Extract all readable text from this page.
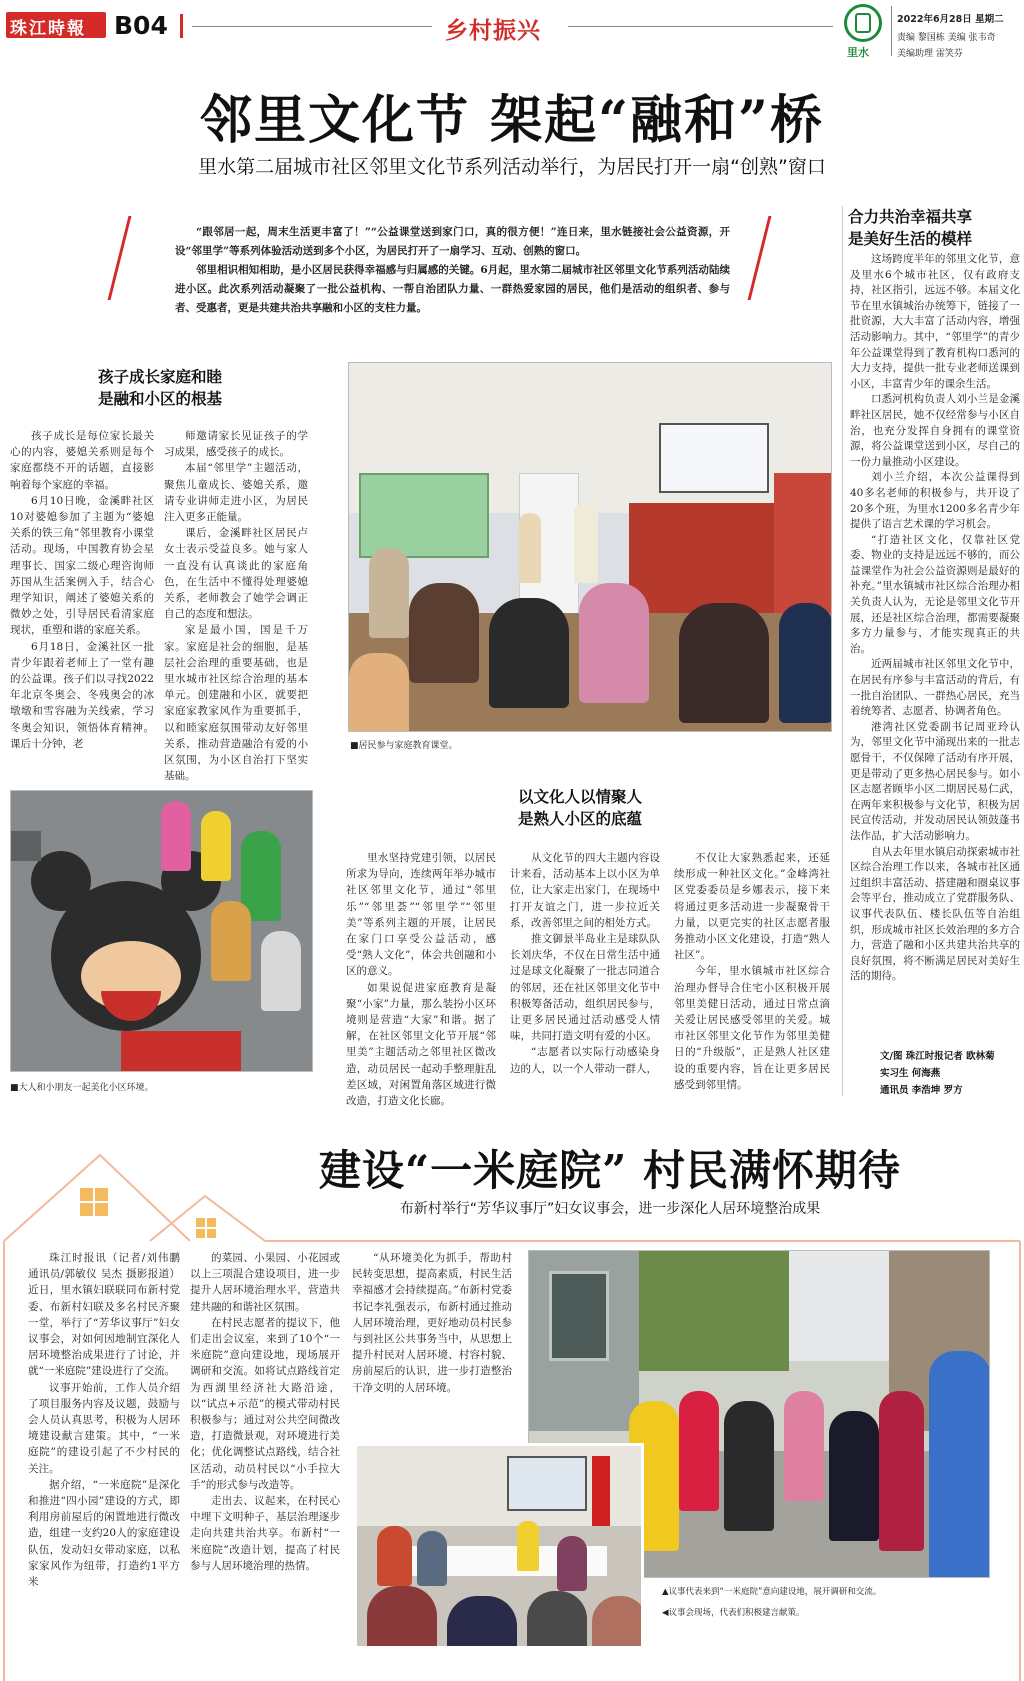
珠江時報 B04	乡村振兴
里水
2022年6月28日 星期二
责编 黎国栋 美编 张韦奇
美编助理 雷笑芬
邻里文化节 架起“融和”桥
里水第二届城市社区邻里文化节系列活动举行，为居民打开一扇“创熟”窗口

“跟邻居一起，周末生活更丰富了！”“公益课堂送到家门口，真的很方便！”连日来，里水链接社会公益资源，开设“邻里学”等系列体验活动送到多个小区，为居民打开了一扇学习、互动、创熟的窗口。

邻里相识相知相助，是小区居民获得幸福感与归属感的关键。6月起，里水第二届城市社区邻里文化节系列活动陆续进小区。此次系列活动凝聚了一批公益机构、一帮自治团队力量、一群热爱家园的居民，他们是活动的组织者、参与者、受惠者，更是共建共治共享融和小区的支柱力量。

孩子成长家庭和睦
是融和小区的根基

孩子成长是每位家长最关心的内容，婆媳关系则是每个家庭都绕不开的话题，直接影响着每个家庭的幸福。

6月10日晚，金溪畔社区10对婆媳参加了主题为“婆媳关系的铁三角”邻里教育小课堂活动。现场，中国教育协会星理事长、国家二级心理咨询师苏国从生活案例入手，结合心理学知识，阐述了婆媳关系的微妙之处，引导居民看清家庭现状，重塑和谐的家庭关系。

6月18日，金溪社区一批青少年跟着老师上了一堂有趣的公益课。孩子们以寻找2022年北京冬奥会、冬残奥会的冰墩墩和雪容融为关线索，学习冬奥会知识，领悟体育精神。课后十分钟，老

师邀请家长见证孩子的学习成果，感受孩子的成长。

本届“邻里学”主题活动，聚焦儿童成长、婆媳关系，邀请专业讲师走进小区，为居民注入更多正能量。

课后，金溪畔社区居民卢女士表示受益良多。她与家人一直没有认真谈此的家庭角色，在生活中不懂得处理婆媳关系，老师教会了她学会调正自己的态度和想法。

家是最小国，国是千万家。家庭是社会的细胞，是基层社会治理的重要基础，也是里水城市社区综合治理的基本单元。创建融和小区，就要把家庭家教家风作为重要抓手，以和睦家庭氛围带动友好邻里关系，推动营造融洽有爱的小区氛围，为小区自治打下坚实基础。

■居民参与家庭教育课堂。
■大人和小朋友一起美化小区环境。
以文化人以情聚人
是熟人小区的底蕴

里水坚持党建引领，以居民所求为导向，连续两年举办城市社区邻里文化节，通过“邻里乐”“邻里荟”“邻里学”“邻里美”等系列主题的开展，让居民在家门口享受公益活动，感受“熟人文化”，体会共创融和小区的意义。

如果说促进家庭教育是凝聚“小家”力量，那么装扮小区环境则是营造“大家”和谐。据了解，在社区邻里文化节开展“邻里美”主题活动之邻里社区微改造，动员居民一起动手整理脏乱差区域，对闲置角落区域进行微改造，打造文化长廊。

从文化节的四大主题内容设计来看，活动基本上以小区为单位，让大家走出家门，在现场中打开友谊之门，进一步拉近关系，改善邻里之间的相处方式。

推文御景半岛业主是球队队长刘庆华，不仅在日常生活中通过是球文化凝聚了一批志同道合的邻居，还在社区邻里文化节中积极筹备活动，组织居民参与，让更多居民通过活动感受人情味，共同打造文明有爱的小区。

“志愿者以实际行动感染身边的人，以一个人带动一群人，

不仅让大家熟悉起来，还延续形成一种社区文化。”金峰湾社区党委委员是乡娜表示，接下来将通过更多活动进一步凝聚骨干力量，以更完实的社区志愿者服务推动小区文化建设，打造“熟人社区”。

今年，里水镇城市社区综合治理办督导合住宅小区积极开展邻里美健日活动，通过日常点滴关爱让居民感受邻里的关爱。城市社区邻里文化节作为邻里美健日的“升级版”，正是熟人社区建设的重要内容，旨在让更多居民感受到邻里情。

合力共治幸福共享
是美好生活的模样

这场跨度半年的邻里文化节，意及里水6个城市社区，仅有政府支持，社区指引，远远不够。本届文化节在里水镇城治办统筹下，链接了一批资源，大大丰富了活动内容，增强活动影响力。其中，“邻里学”的青少年公益课堂得到了教育机构口悉河的大力支持，提供一批专业老师送课到小区，丰富青少年的课余生活。

口悉河机构负责人刘小兰是金溪畔社区居民，她不仅经常参与小区自治，也充分发挥自身拥有的课堂资源，将公益课堂送到小区，尽自己的一份力量推动小区建设。

刘小兰介绍，本次公益课得到40多名老师的积极参与，共开设了20多个班，为里水1200多名青少年提供了语言艺术课的学习机会。

“打造社区文化，仅靠社区党委、物业的支持是远远不够的，而公益课堂作为社会公益资源则是最好的补充。”里水镇城市社区综合治理办相关负责人认为，无论是邻里文化节开展，还是社区综合治理，都需要凝聚多方力量参与，才能实现真正的共治。

近两届城市社区邻里文化节中，在居民有序参与丰富活动的背后，有一批自治团队、一群热心居民，充当着统筹者、志愿者、协调者角色。

港湾社区党委副书记周亚玲认为，邻里文化节中涌现出来的一批志愿骨干，不仅保障了活动有序开展，更是带动了更多热心居民参与。如小区志愿者顾毕小区二期居民易仁武，在两年来积极参与文化节，积极为居民宣传活动，并发动居民认领鼓蓬书法作品，扩大活动影响力。

自从去年里水镇启动探索城市社区综合治理工作以来，各城市社区通过组织丰富活动、搭建融和圈桌议事会等平台，推动成立了党群服务队、议事代表队伍、楼长队伍等自治组织，形成城市社区长效治理的多方合力，营造了融和小区共建共治共享的良好氛围，将不断满足居民对美好生活的期待。

文/图 珠江时报记者 欧林菊
实习生 何海燕
通讯员 李浩坤 罗方
建设“一米庭院” 村民满怀期待
布新村举行“芳华议事厅”妇女议事会，进一步深化人居环境整治成果

珠江时报讯（记者/刘伟鹏 通讯员/郭敏仪 吴杰 摄影报道）近日，里水镇妇联联同布新村党委、布新村妇联及多名村民齐聚一堂，举行了“芳华议事厅”妇女议事会，对如何因地制宜深化人居环境整治成果进行了讨论，并就“一米庭院”建设进行了交流。

议事开始前，工作人员介绍了项目服务内容及议题，鼓励与会人员认真思考，积极为人居环境建设献言建策。其中，“一米庭院”的建设引起了不少村民的关注。

据介绍，“一米庭院”是深化和推进“四小园”建设的方式，即利用房前屋后的闲置地进行微改造，组建一支约20人的家庭建设队伍，发动妇女带动家庭，以私家家风作为纽带，打造约1平方米

的菜园、小果园、小花园或以上三项混合建设项目，进一步提升人居环境治理水平，营造共建共融的和谐社区氛围。

在村民志愿者的提议下，他们走出会议室，来到了10个“一米庭院”意向建设地，现场展开调研和交流。如将试点路线首定为西湖里经济社大路沿途，以“试点+示范”的模式带动村民积极参与；通过对公共空间微改造，打造微景观，对环境进行美化；优化调整试点路线，结合社区活动，动员村民以“小手拉大手”的形式参与改造等。

走出去、议起来，在村民心中埋下文明种子，基层治理逐步走向共建共治共享。布新村“一米庭院”改造计划，提高了村民参与人居环境治理的热情。

“从环境美化为抓手，帮助村民转变思想，提高素质，村民生活幸福感才会持续提高。”布新村党委书记李礼强表示，布新村通过推动人居环境治理，更好地动员村民参与到社区公共事务当中，从思想上提升村民对人居环境、村容村貌、房前屋后的认识，进一步打造整治干净文明的人居环境。

▲议事代表来到“一米庭院”意向建设地，展开调研和交流。
◀议事会现场，代表们积极建言献策。
